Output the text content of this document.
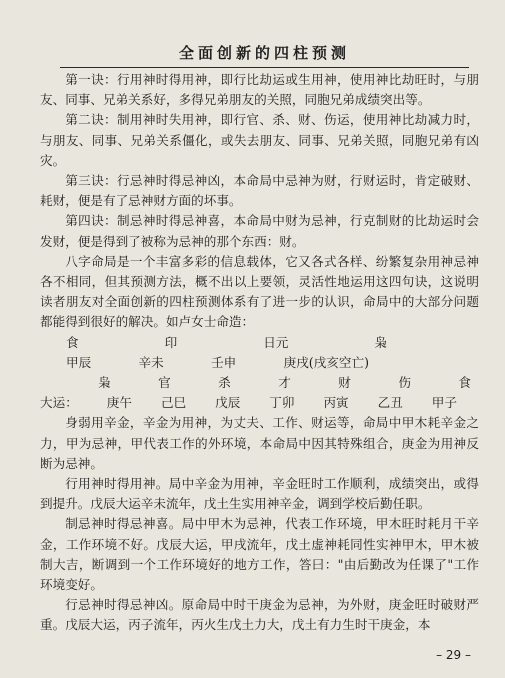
全面创新的四柱预测

第一诀：行用神时得用神，即行比劫运或生用神，使用神比劫旺时，与朋友、同事、兄弟关系好，多得兄弟朋友的关照，同胞兄弟成绩突出等。

第二诀：制用神时失用神，即行官、杀、财、伤运，使用神比劫减力时，与朋友、同事、兄弟关系僵化，或失去朋友、同事、兄弟关照，同胞兄弟有凶灾。

第三诀：行忌神时得忌神凶，本命局中忌神为财，行财运时，肯定破财、耗财，便是有了忌神财方面的坏事。

第四诀：制忌神时得忌神喜，本命局中财为忌神，行克制财的比劫运时会发财，便是得到了被称为忌神的那个东西：财。

八字命局是一个丰富多彩的信息载体，它又各式各样、纷繁复杂用神忌神各不相同，但其预测方法，概不出以上要领，灵活性地运用这四句诀，这说明读者朋友对全面创新的四柱预测体系有了进一步的认识，命局中的大部分问题都能得到很好的解决。如卢女士命造：

食	印	日元	枭
甲辰	辛未	壬申	庚戌(戌亥空亡)
枭	官	杀	才	财	伤	食
大运： 庚午 己巳 戊辰 丁卯 丙寅 乙丑 甲子

身弱用辛金，辛金为用神，为丈夫、工作、财运等，命局中甲木耗辛金之力，甲为忌神，甲代表工作的外环境，本命局中因其特殊组合，庚金为用神反断为忌神。

行用神时得用神。局中辛金为用神，辛金旺时工作顺利，成绩突出，或得到提升。戊辰大运辛未流年，戊土生实用神辛金，调到学校后勤任职。

制忌神时得忌神喜。局中甲木为忌神，代表工作环境，甲木旺时耗月干辛金，工作环境不好。戊辰大运，甲戌流年，戊土虚神耗同性实神甲木，甲木被制大吉，断调到一个工作环境好的地方工作，答曰："由后勤改为任课了"工作环境变好。

行忌神时得忌神凶。原命局中时干庚金为忌神，为外财，庚金旺时破财严重。戊辰大运，丙子流年，丙火生戊土力大，戊土有力生时干庚金，本

– 29 –
